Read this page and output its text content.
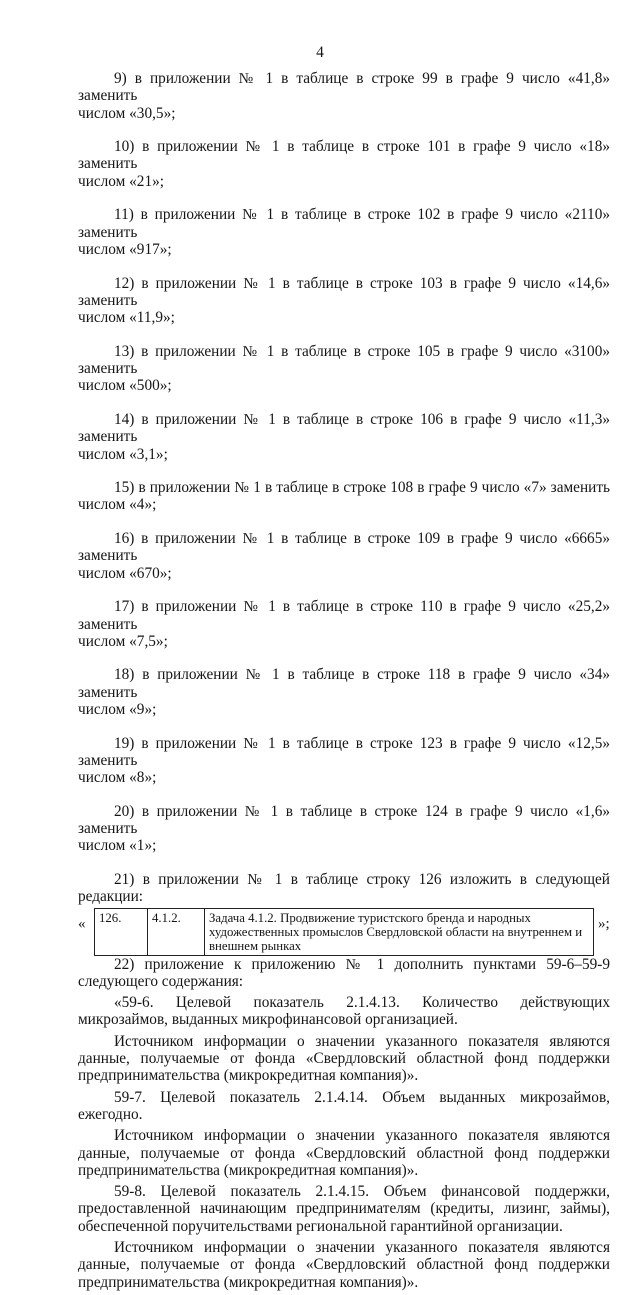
4
9) в приложении № 1 в таблице в строке 99 в графе 9 число «41,8» заменить
числом «30,5»;
10) в приложении № 1 в таблице в строке 101 в графе 9 число «18» заменить
числом «21»;
11) в приложении № 1 в таблице в строке 102 в графе 9 число «2110» заменить
числом «917»;
12) в приложении № 1 в таблице в строке 103 в графе 9 число «14,6» заменить
числом «11,9»;
13) в приложении № 1 в таблице в строке 105 в графе 9 число «3100» заменить
числом «500»;
14) в приложении № 1 в таблице в строке 106 в графе 9 число «11,3» заменить
числом «3,1»;
15) в приложении № 1 в таблице в строке 108 в графе 9 число «7» заменить
числом «4»;
16) в приложении № 1 в таблице в строке 109 в графе 9 число «6665» заменить
числом «670»;
17) в приложении № 1 в таблице в строке 110 в графе 9 число «25,2» заменить
числом «7,5»;
18) в приложении № 1 в таблице в строке 118 в графе 9 число «34» заменить
числом «9»;
19) в приложении № 1 в таблице в строке 123 в графе 9 число «12,5» заменить
числом «8»;
20) в приложении № 1 в таблице в строке 124 в графе 9 число «1,6» заменить
числом «1»;
21) в приложении № 1 в таблице строку 126 изложить в следующей редакции:
« 126.	4.1.2.	Задача 4.1.2. Продвижение туристского бренда и народных художественных промыслов Свердловской области на внутреннем и внешнем рынках
»;
22) приложение к приложению № 1 дополнить пунктами 59-6–59-9
следующего содержания:
«59-6. Целевой показатель 2.1.4.13. Количество действующих микрозаймов, выданных микрофинансовой организацией.
Источником информации о значении указанного показателя являются данные, получаемые от фонда «Свердловский областной фонд поддержки предпринимательства (микрокредитная компания)».
59-7. Целевой показатель 2.1.4.14. Объем выданных микрозаймов, ежегодно.
Источником информации о значении указанного показателя являются данные, получаемые от фонда «Свердловский областной фонд поддержки предпринимательства (микрокредитная компания)».
59-8. Целевой показатель 2.1.4.15. Объем финансовой поддержки, предоставленной начинающим предпринимателям (кредиты, лизинг, займы), обеспеченной поручительствами региональной гарантийной организации.
Источником информации о значении указанного показателя являются данные, получаемые от фонда «Свердловский областной фонд поддержки предпринимательства (микрокредитная компания)».
